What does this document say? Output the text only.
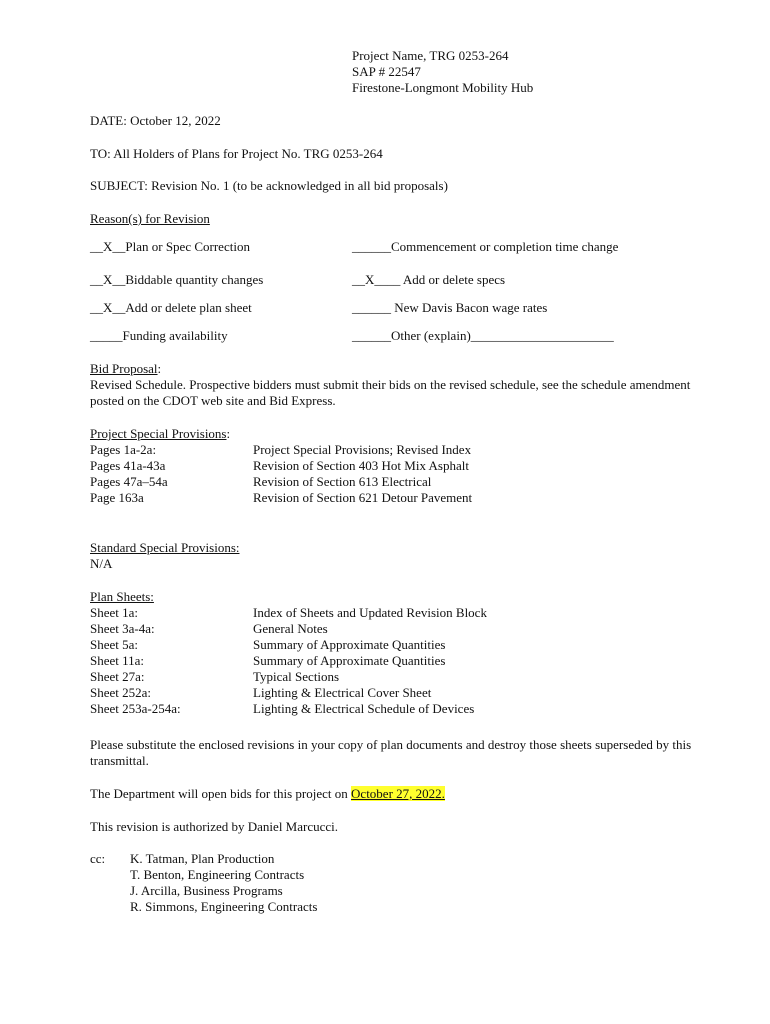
Project Name, TRG 0253-264
SAP # 22547
Firestone-Longmont Mobility Hub
DATE: October 12, 2022
TO: All Holders of Plans for Project No. TRG 0253-264
SUBJECT: Revision No. 1 (to be acknowledged in all bid proposals)
Reason(s) for Revision
__X__Plan or Spec Correction	______Commencement or completion time change
__X__Biddable quantity changes	__X____ Add or delete specs
__X__Add or delete plan sheet	______ New Davis Bacon wage rates
_____Funding availability	______Other (explain)______________________
Bid Proposal:
Revised Schedule. Prospective bidders must submit their bids on the revised schedule, see the schedule amendment posted on the CDOT web site and Bid Express.
Project Special Provisions:
Pages 1a-2a:	Project Special Provisions; Revised Index
Pages 41a-43a	Revision of Section 403 Hot Mix Asphalt
Pages 47a–54a	Revision of Section 613 Electrical
Page 163a	Revision of Section 621 Detour Pavement
Standard Special Provisions:
N/A
Plan Sheets:
Sheet 1a:	Index of Sheets and Updated Revision Block
Sheet 3a-4a:	General Notes
Sheet 5a:	Summary of Approximate Quantities
Sheet 11a:	Summary of Approximate Quantities
Sheet 27a:	Typical Sections
Sheet 252a:	Lighting & Electrical Cover Sheet
Sheet 253a-254a:	Lighting & Electrical Schedule of Devices
Please substitute the enclosed revisions in your copy of plan documents and destroy those sheets superseded by this transmittal.
The Department will open bids for this project on October 27, 2022.
This revision is authorized by Daniel Marcucci.
cc: K. Tatman, Plan Production
T. Benton, Engineering Contracts
J. Arcilla, Business Programs
R. Simmons, Engineering Contracts
